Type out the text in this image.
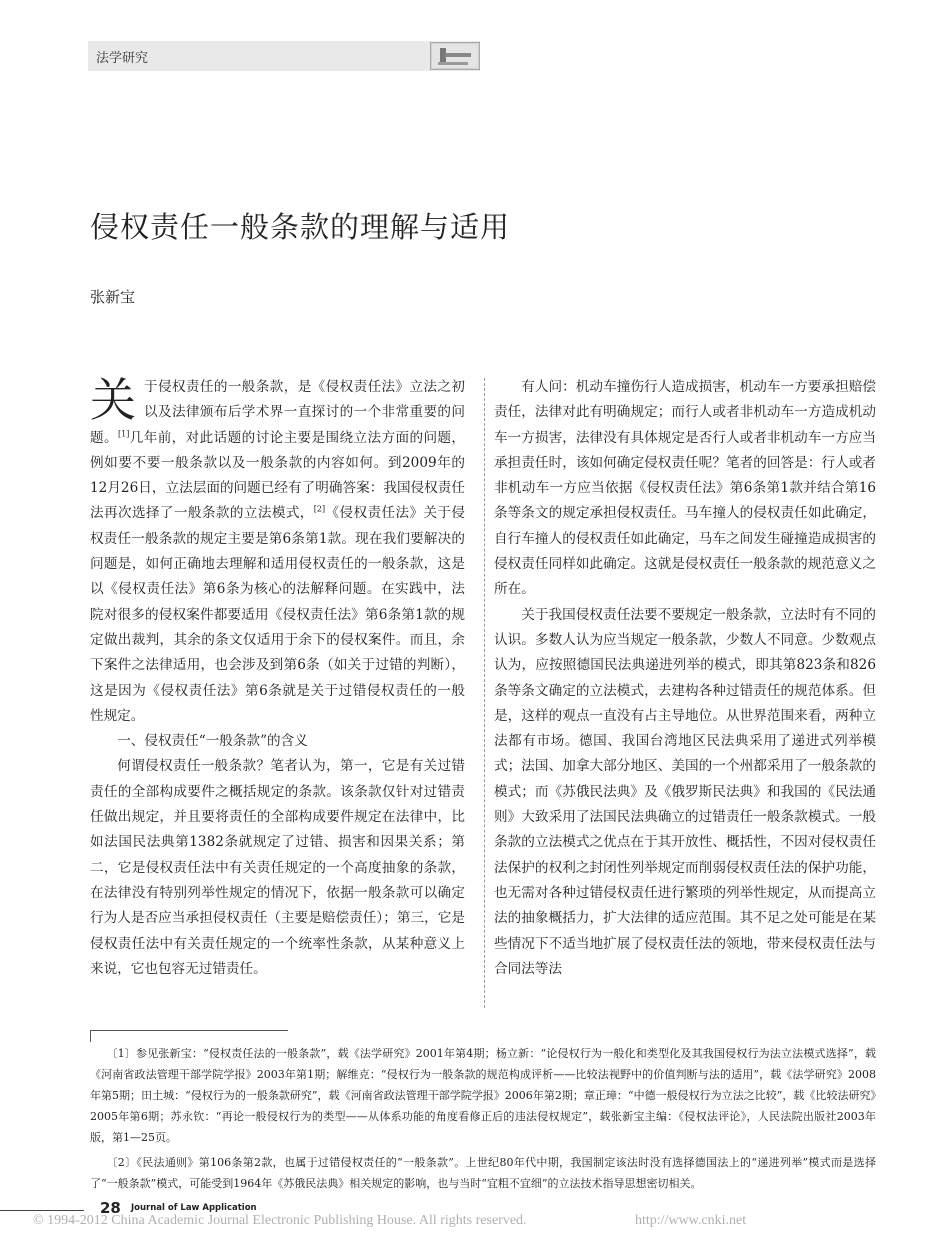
法学研究
侵权责任一般条款的理解与适用
张新宝

关于侵权责任的一般条款，是《侵权责任法》立法之初以及法律颁布后学术界一直探讨的一个非常重要的问题。[1]几年前，对此话题的讨论主要是围绕立法方面的问题，例如要不要一般条款以及一般条款的内容如何。到2009年的12月26日，立法层面的问题已经有了明确答案：我国侵权责任法再次选择了一般条款的立法模式，[2]《侵权责任法》关于侵权责任一般条款的规定主要是第6条第1款。现在我们要解决的问题是，如何正确地去理解和适用侵权责任的一般条款，这是以《侵权责任法》第6条为核心的法解释问题。在实践中，法院对很多的侵权案件都要适用《侵权责任法》第6条第1款的规定做出裁判，其余的条文仅适用于余下的侵权案件。而且，余下案件之法律适用，也会涉及到第6条（如关于过错的判断），这是因为《侵权责任法》第6条就是关于过错侵权责任的一般性规定。

一、侵权责任“一般条款”的含义

何谓侵权责任一般条款？笔者认为，第一，它是有关过错责任的全部构成要件之概括规定的条款。该条款仅针对过错责任做出规定，并且要将责任的全部构成要件规定在法律中，比如法国民法典第1382条就规定了过错、损害和因果关系；第二，它是侵权责任法中有关责任规定的一个高度抽象的条款，在法律没有特别列举性规定的情况下，依据一般条款可以确定行为人是否应当承担侵权责任（主要是赔偿责任）；第三，它是侵权责任法中有关责任规定的一个统率性条款，从某种意义上来说，它也包容无过错责任。

有人问：机动车撞伤行人造成损害，机动车一方要承担赔偿责任，法律对此有明确规定；而行人或者非机动车一方造成机动车一方损害，法律没有具体规定是否行人或者非机动车一方应当承担责任时，该如何确定侵权责任呢？笔者的回答是：行人或者非机动车一方应当依据《侵权责任法》第6条第1款并结合第16条等条文的规定承担侵权责任。马车撞人的侵权责任如此确定，自行车撞人的侵权责任如此确定，马车之间发生碰撞造成损害的侵权责任同样如此确定。这就是侵权责任一般条款的规范意义之所在。

关于我国侵权责任法要不要规定一般条款，立法时有不同的认识。多数人认为应当规定一般条款，少数人不同意。少数观点认为，应按照德国民法典递进列举的模式，即其第823条和826条等条文确定的立法模式，去建构各种过错责任的规范体系。但是，这样的观点一直没有占主导地位。从世界范围来看，两种立法都有市场。德国、我国台湾地区民法典采用了递进式列举模式；法国、加拿大部分地区、美国的一个州都采用了一般条款的模式；而《苏俄民法典》及《俄罗斯民法典》和我国的《民法通则》大致采用了法国民法典确立的过错责任一般条款模式。一般条款的立法模式之优点在于其开放性、概括性，不因对侵权责任法保护的权利之封闭性列举规定而削弱侵权责任法的保护功能，也无需对各种过错侵权责任进行繁琐的列举性规定，从而提高立法的抽象概括力，扩大法律的适应范围。其不足之处可能是在某些情况下不适当地扩展了侵权责任法的领地，带来侵权责任法与合同法等法

〔1〕参见张新宝：“侵权责任法的一般条款”，载《法学研究》2001年第4期；杨立新：“论侵权行为一般化和类型化及其我国侵权行为法立法模式选择”，载《河南省政法管理干部学院学报》2003年第1期；解维克：“侵权行为一般条款的规范构成评析——比较法视野中的价值判断与法的适用”，载《法学研究》2008年第5期；田土城：“侵权行为的一般条款研究”，载《河南省政法管理干部学院学报》2006年第2期；章正璋：“中德一般侵权行为立法之比较”，载《比较法研究》2005年第6期；苏永钦：“再论一般侵权行为的类型——从体系功能的角度看修正后的违法侵权规定”，载张新宝主编：《侵权法评论》，人民法院出版社2003年版，第1—25页。

〔2〕《民法通则》第106条第2款，也属于过错侵权责任的“一般条款”。上世纪80年代中期，我国制定该法时没有选择德国法上的“递进列举”模式而是选择了“一般条款”模式，可能受到1964年《苏俄民法典》相关规定的影响，也与当时“宜粗不宜细”的立法技术指导思想密切相关。

28 Journal of Law Application
© 1994-2012 China Academic Journal Electronic Publishing House. All rights reserved.	http://www.cnki.net
